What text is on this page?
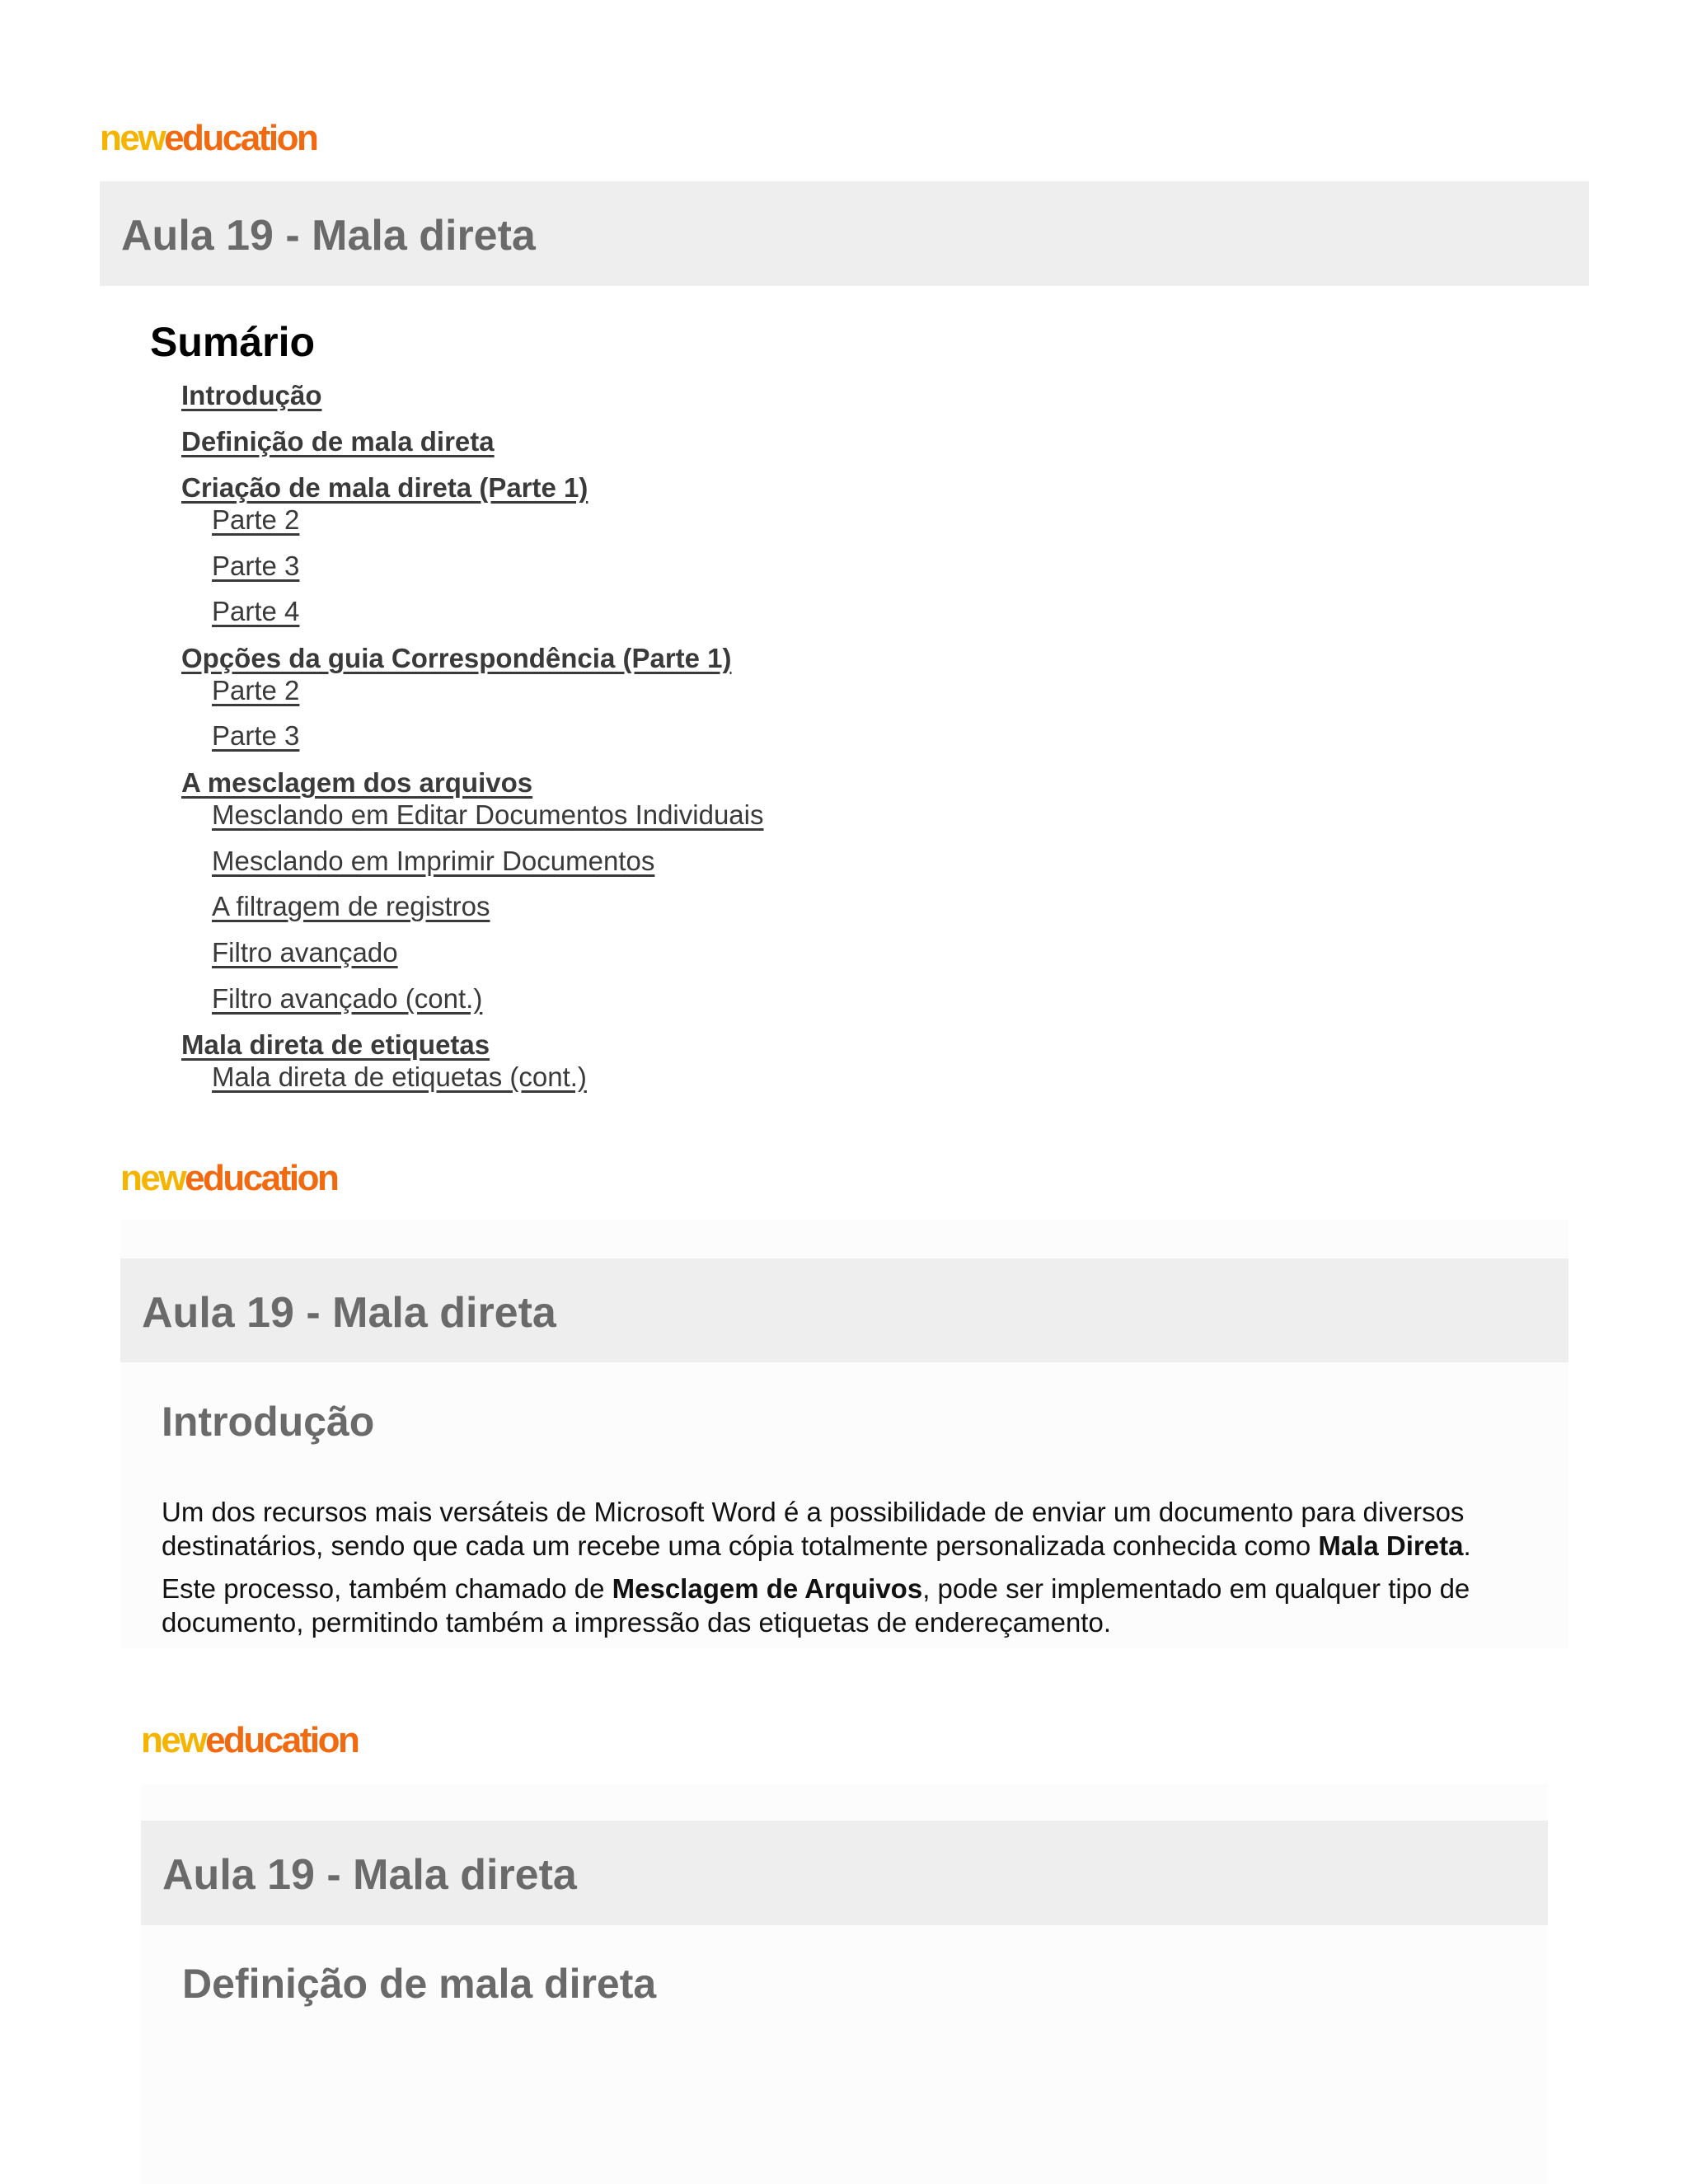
neweducation
Aula 19 - Mala direta
Sumário
Introdução
Definição de mala direta
Criação de mala direta (Parte 1)
Parte 2
Parte 3
Parte 4
Opções da guia Correspondência (Parte 1)
Parte 2
Parte 3
A mesclagem dos arquivos
Mesclando em Editar Documentos Individuais
Mesclando em Imprimir Documentos
A filtragem de registros
Filtro avançado
Filtro avançado (cont.)
Mala direta de etiquetas
Mala direta de etiquetas (cont.)
neweducation
Aula 19 - Mala direta
Introdução

Um dos recursos mais versáteis de Microsoft Word é a possibilidade de enviar um documento para diversos destinatários, sendo que cada um recebe uma cópia totalmente personalizada conhecida como Mala Direta.

Este processo, também chamado de Mesclagem de Arquivos, pode ser implementado em qualquer tipo de documento, permitindo também a impressão das etiquetas de endereçamento.

neweducation
Aula 19 - Mala direta
Definição de mala direta
